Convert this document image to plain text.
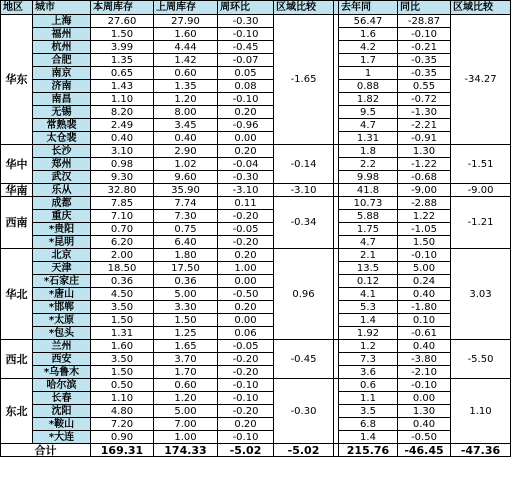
地区	城市	本周库存	上周库存	周环比	区域比较		去年同	同比	区域比较
华东	上海	27.60	27.90	-0.30	-1.65		56.47	-28.87	-34.27
	福州	1.50	1.60	-0.10			1.6	-0.10	
	杭州	3.99	4.44	-0.45			4.2	-0.21	
	合肥	1.35	1.42	-0.07			1.7	-0.35	
	南京	0.65	0.60	0.05			1	-0.35	
	济南	1.43	1.35	0.08			0.88	0.55	
	南昌	1.10	1.20	-0.10			1.82	-0.72	
	无锡	8.20	8.00	0.20			9.5	-1.30	
	常熟裴	2.49	3.45	-0.96			4.7	-2.21	
	太仓裴	0.40	0.40	0.00			1.31	-0.91	
华中	长沙	3.10	2.90	0.20	-0.14		1.8	1.30	-1.51
	郑州	0.98	1.02	-0.04			2.2	-1.22	
	武汉	9.30	9.60	-0.30			9.98	-0.68	
华南	乐从	32.80	35.90	-3.10	-3.10		41.8	-9.00	-9.00
西南	成都	7.85	7.74	0.11	-0.34		10.73	-2.88	-1.21
	重庆	7.10	7.30	-0.20			5.88	1.22	
	*贵阳	0.70	0.75	-0.05			1.75	-1.05	
	*昆明	6.20	6.40	-0.20			4.7	1.50	
华北	北京	2.00	1.80	0.20	0.96		2.1	-0.10	3.03
	天津	18.50	17.50	1.00			13.5	5.00	
	*石家庄	0.36	0.36	0.00			0.12	0.24	
	*唐山	4.50	5.00	-0.50			4.1	0.40	
	*邯郸	3.50	3.30	0.20			5.3	-1.80	
	*太原	1.50	1.50	0.00			1.4	0.10	
	*包头	1.31	1.25	0.06			1.92	-0.61	
西北	兰州	1.60	1.65	-0.05	-0.45		1.2	0.40	-5.50
	西安	3.50	3.70	-0.20			7.3	-3.80	
	*乌鲁木	1.50	1.70	-0.20			3.6	-2.10	
东北	哈尔滨	0.50	0.60	-0.10	-0.30		0.6	-0.10	1.10
	长春	1.10	1.20	-0.10			1.1	0.00	
	沈阳	4.80	5.00	-0.20			3.5	1.30	
	*鞍山	7.20	7.00	0.20			6.8	0.40	
	*大连	0.90	1.00	-0.10			1.4	-0.50	
合计		169.31	174.33	-5.02	-5.02		215.76	-46.45	-47.36
